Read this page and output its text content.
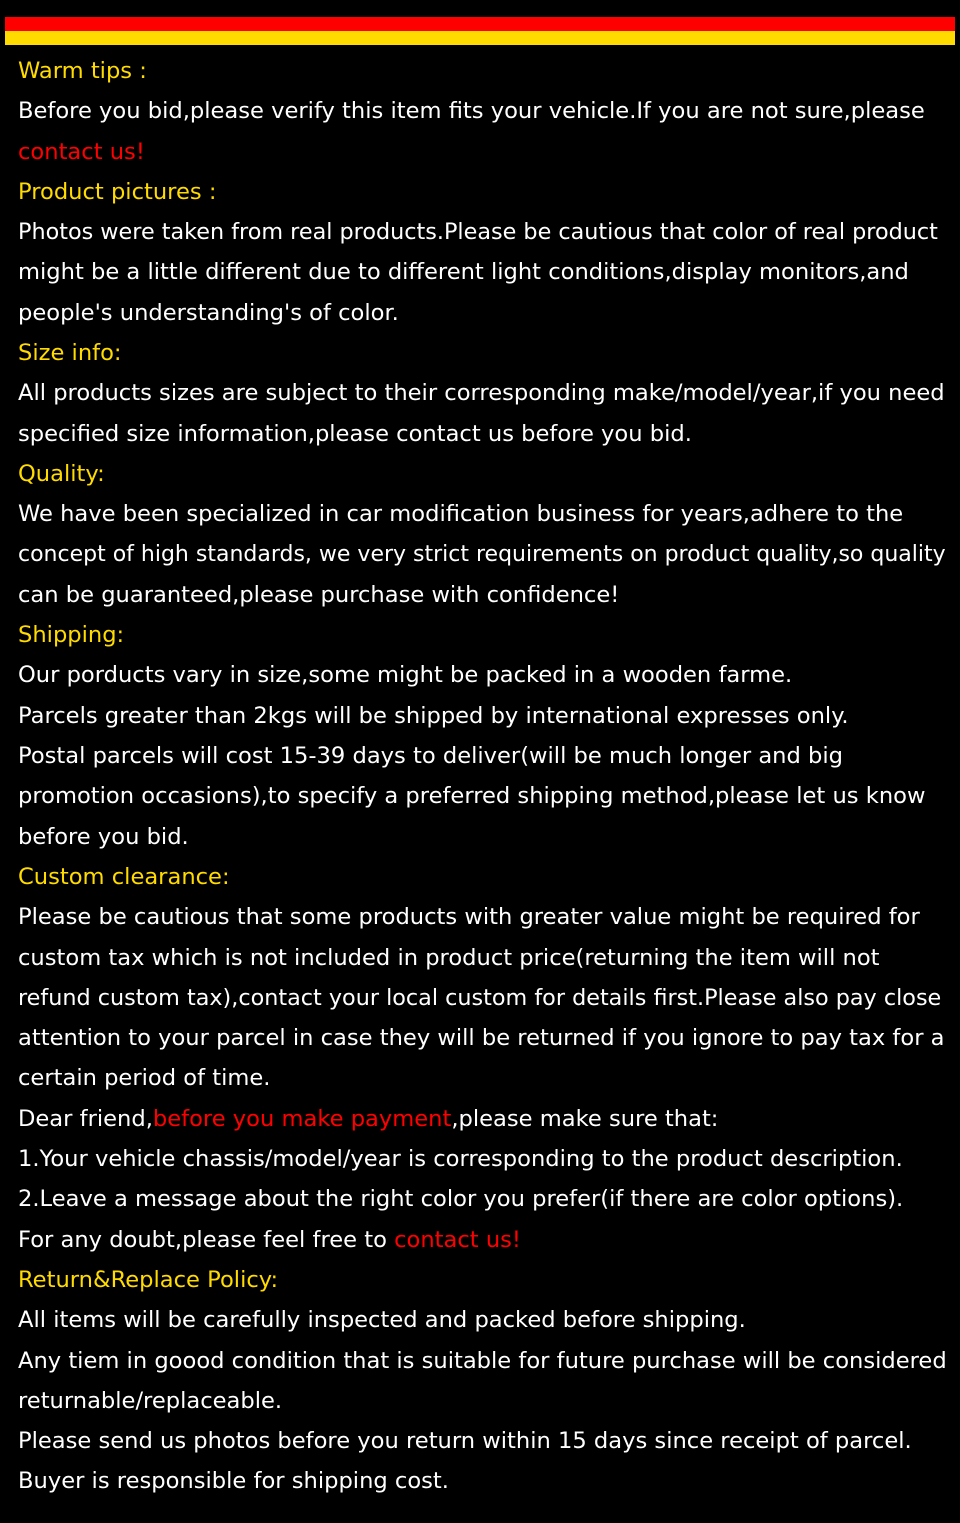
Warm tips :
Before you bid,please verify this item fits your vehicle.If you are not sure,please
contact us!
Product pictures :
Photos were taken from real products.Please be cautious that color of real product
might be a little different due to different light conditions,display monitors,and
people's understanding's of color.
Size info:
All products sizes are subject to their corresponding make/model/year,if you need
specified size information,please contact us before you bid.
Quality:
We have been specialized in car modification business for years,adhere to the
concept of high standards, we very strict requirements on product quality,so quality
can be guaranteed,please purchase with confidence!
Shipping:
Our porducts vary in size,some might be packed in a wooden farme.
Parcels greater than 2kgs will be shipped by international expresses only.
Postal parcels will cost 15-39 days to deliver(will be much longer and big
promotion occasions),to specify a preferred shipping method,please let us know
before you bid.
Custom clearance:
Please be cautious that some products with greater value might be required for
custom tax which is not included in product price(returning the item will not
refund custom tax),contact your local custom for details first.Please also pay close
attention to your parcel in case they will be returned if you ignore to pay tax for a
certain period of time.
Dear friend,before you make payment,please make sure that:
1.Your vehicle chassis/model/year is corresponding to the product description.
2.Leave a message about the right color you prefer(if there are color options).
For any doubt,please feel free to contact us!
Return&Replace Policy:
All items will be carefully inspected and packed before shipping.
Any tiem in goood condition that is suitable for future purchase will be considered
returnable/replaceable.
Please send us photos before you return within 15 days since receipt of parcel.
Buyer is responsible for shipping cost.
